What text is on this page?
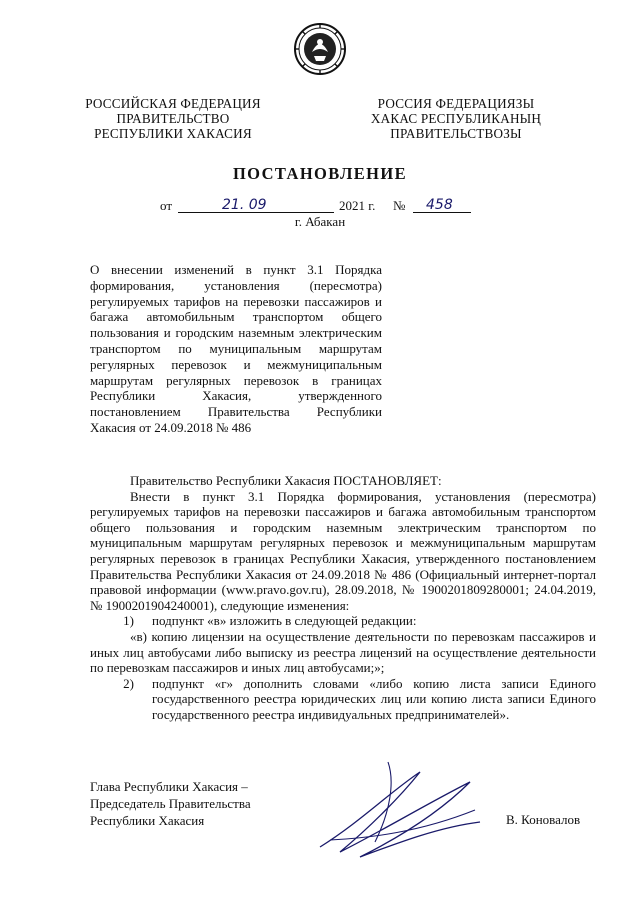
РОССИЙСКАЯ ФЕДЕРАЦИЯ
ПРАВИТЕЛЬСТВО
РЕСПУБЛИКИ ХАКАСИЯ
РОССИЯ ФЕДЕРАЦИЯЗЫ
ХАКАС РЕСПУБЛИКАНЫҢ
ПРАВИТЕЛЬСТВОЗЫ
ПОСТАНОВЛЕНИЕ
от	21. 09	2021 г. № 458
г. Абакан
О внесении изменений в пункт 3.1 Порядка формирования, установления (пересмотра) регулируемых тарифов на перевозки пассажиров и багажа автомобильным транспортом общего пользования и городским наземным электрическим транспортом по муниципальным маршрутам регулярных перевозок и межмуниципальным маршрутам регулярных перевозок в границах Республики Хакасия, утвержденного постановлением Правительства Республики Хакасия от 24.09.2018 № 486

Правительство Республики Хакасия ПОСТАНОВЛЯЕТ:

Внести в пункт 3.1 Порядка формирования, установления (пересмотра) регулируемых тарифов на перевозки пассажиров и багажа автомобильным транспортом общего пользования и городским наземным электрическим транспортом по муниципальным маршрутам регулярных перевозок и межмуниципальным маршрутам регулярных перевозок в границах Республики Хакасия, утвержденного постановлением Правительства Республики Хакасия от 24.09.2018 № 486 (Официальный интернет-портал правовой информации (www.pravo.gov.ru), 28.09.2018, № 1900201809280001; 24.04.2019, № 1900201904240001), следующие изменения:

1)	подпункт «в» изложить в следующей редакции:

«в) копию лицензии на осуществление деятельности по перевозкам пассажиров и иных лиц автобусами либо выписку из реестра лицензий на осуществление деятельности по перевозкам пассажиров и иных лиц автобусами;»;

2)	подпункт «г» дополнить словами «либо копию листа записи Единого государственного реестра юридических лиц или копию листа записи Единого государственного реестра индивидуальных предпринимателей».
Глава Республики Хакасия –
Председатель Правительства
Республики Хакасия	В. Коновалов
